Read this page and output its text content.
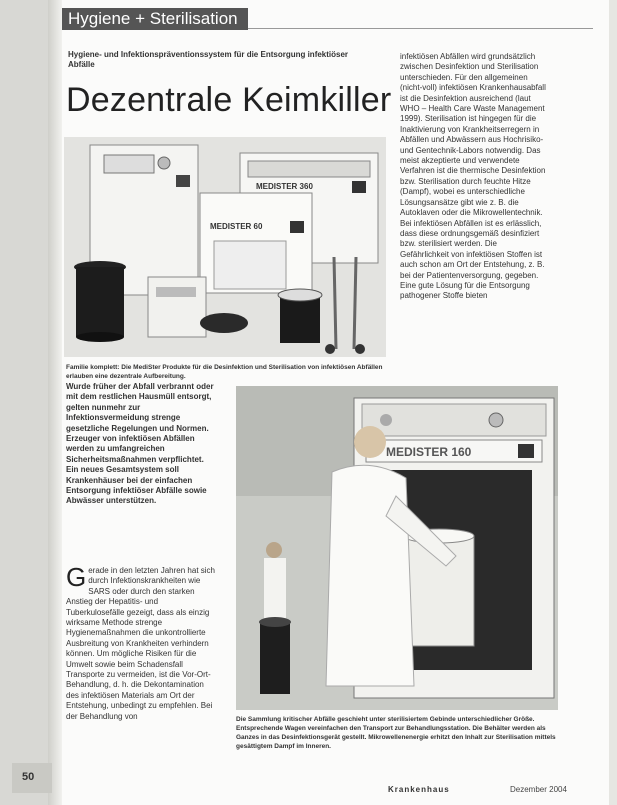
Hygiene + Sterilisation
Hygiene- und Infektionspräventionssystem für die Entsorgung infektiöser Abfälle
Dezentrale Keimkiller
MEDISTER 360
MEDISTER 60
Familie komplett: Die MediSter Produkte für die Desinfektion und Sterilisation von infektiösen Abfällen erlauben eine dezentrale Aufbereitung.

infektiösen Abfällen wird grundsätzlich zwischen Desinfektion und Sterilisation unterschieden. Für den allgemeinen (nicht-voll) infektiösen Krankenhausabfall ist die Desinfektion ausreichend (laut WHO – Health Care Waste Management 1999). Sterilisation ist hingegen für die Inaktivierung von Krankheitserregern in Abfällen und Abwässern aus Hochrisiko- und Gentechnik-Labors notwendig. Das meist akzeptierte und verwendete Verfahren ist die thermische Desinfektion bzw. Sterilisation durch feuchte Hitze (Dampf), wobei es unterschiedliche Lösungsansätze gibt wie z. B. die Autoklaven oder die Mikrowellentechnik. Bei infektiösen Abfällen ist es erlässlich, dass diese ordnungsgemäß desinfiziert bzw. sterilisiert werden. Die Gefährlichkeit von infektiösen Stoffen ist auch schon am Ort der Entstehung, z. B. bei der Patientenversorgung, gegeben. Eine gute Lösung für die Entsorgung pathogener Stoffe bieten

Wurde früher der Abfall verbrannt oder mit dem restlichen Hausmüll entsorgt, gelten nunmehr zur Infektionsvermeidung strenge gesetzliche Regelungen und Normen. Erzeuger von infektiösen Abfällen werden zu umfangreichen Sicherheitsmaßnahmen verpflichtet. Ein neues Gesamtsystem soll Krankenhäuser bei der einfachen Entsorgung infektiöser Abfälle sowie Abwässer unterstützen.

Gerade in den letzten Jahren hat sich durch Infektionskrankheiten wie SARS oder durch den starken Anstieg der Hepatitis- und Tuberkulosefälle gezeigt, dass als einzig wirksame Methode strenge Hygienemaßnahmen die unkontrollierte Ausbreitung von Krankheiten verhindern können. Um mögliche Risiken für die Umwelt sowie beim Schadensfall Transporte zu vermeiden, ist die Vor-Ort-Behandlung, d. h. die Dekontamination des infektiösen Materials am Ort der Entstehung, unbedingt zu empfehlen. Bei der Behandlung von
MEDISTER 160
Die Sammlung kritischer Abfälle geschieht unter sterilisiertem Gebinde unterschiedlicher Größe. Entsprechende Wagen vereinfachen den Transport zur Behandlungsstation. Die Behälter werden als Ganzes in das Desinfektionsgerät gestellt. Mikrowellenenergie erhitzt den Inhalt zur Sterilisation mittels gesättigtem Dampf im Inneren.
50
Krankenhaus	Dezember 2004
